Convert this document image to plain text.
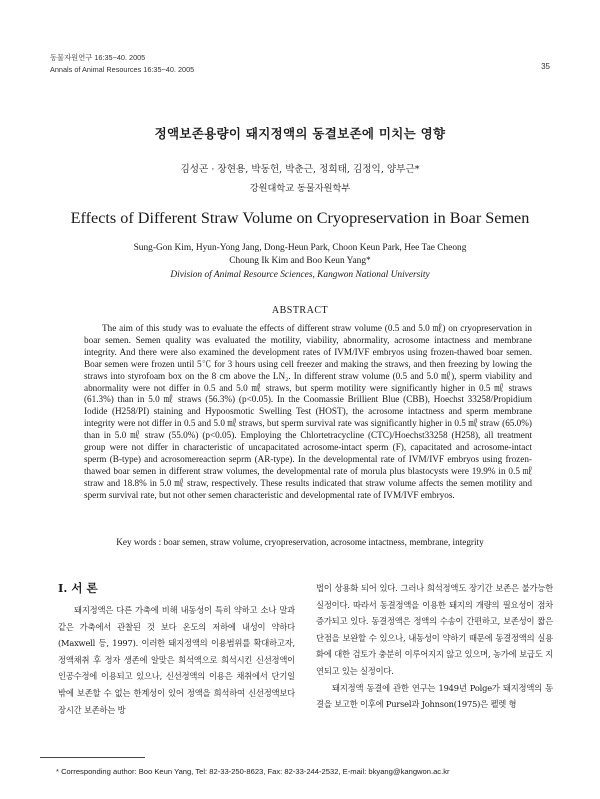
동물자원연구 16:35~40. 2005
Annals of Animal Resources 16:35~40. 2005	35
정액보존용량이 돼지정액의 동결보존에 미치는 영향
김성곤 · 장현용, 박동헌, 박춘근, 정희태, 김정익, 양부근*
강원대학교 동물자원학부
Effects of Different Straw Volume on Cryopreservation in Boar Semen
Sung-Gon Kim, Hyun-Yong Jang, Dong-Heun Park, Choon Keun Park, Hee Tae Cheong
Choung Ik Kim and Boo Keun Yang*
Division of Animal Resource Sciences, Kangwon National University
ABSTRACT

The aim of this study was to evaluate the effects of different straw volume (0.5 and 5.0 ㎖) on cryopreservation in boar semen. Semen quality was evaluated the motility, viability, abnormality, acrosome intactness and membrane integrity. And there were also examined the development rates of IVM/IVF embryos using frozen-thawed boar semen. Boar semen were frozen until 5℃ for 3 hours using cell freezer and making the straws, and then freezing by lowing the straws into styrofoam box on the 8 cm above the LN₂. In different straw volume (0.5 and 5.0 ㎖), sperm viability and abnormality were not differ in 0.5 and 5.0 ㎖ straws, but sperm motility were significantly higher in 0.5 ㎖ straws (61.3%) than in 5.0 ㎖ straws (56.3%) (p<0.05). In the Coomassie Brillient Blue (CBB), Hoechst 33258/Propidium Iodide (H258/PI) staining and Hypoosmotic Swelling Test (HOST), the acrosome intactness and sperm membrane integrity were not differ in 0.5 and 5.0 ㎖ straws, but sperm survival rate was significantly higher in 0.5 ㎖ straw (65.0%) than in 5.0 ㎖ straw (55.0%) (p<0.05). Employing the Chlortetracycline (CTC)/Hoechst33258 (H258), all treatment group were not differ in characteristic of uncapacitated acrosome-intact sperm (F), capacitated and acrosome-intact sperm (B-type) and acrosomereaction seprm (AR-type). In the developmental rate of IVM/IVF embryos using frozen-thawed boar semen in different straw volumes, the developmental rate of morula plus blastocysts were 19.9% in 0.5 ㎖ straw and 18.8% in 5.0 ㎖ straw, respectively. These results indicated that straw volume affects the semen motility and sperm survival rate, but not other semen characteristic and developmental rate of IVM/IVF embryos.

Key words : boar semen, straw volume, cryopreservation, acrosome intactness, membrane, integrity
Ⅰ. 서 론

돼지정액은 다른 가축에 비해 내동성이 특히 약하고 소나 말과 같은 가축에서 관찰된 것 보다 온도의 저하에 내성이 약하다(Maxwell 등, 1997). 이러한 돼지정액의 이용범위를 확대하고자, 정액채취 후 정자 생존에 알맞은 희석액으로 희석시킨 신선정액이 인공수정에 이용되고 있으나, 신선정액의 이용은 채취에서 단기일 밖에 보존할 수 없는 한계성이 있어 정액을 희석하여 신선정액보다 장시간 보존하는 방

법이 상용화 되어 있다. 그러나 희석정액도 장기간 보존은 불가능한 실정이다. 따라서 동결정액을 이용한 돼지의 개량의 필요성이 점차 증가되고 있다. 동결정액은 정액의 수송이 간편하고, 보존성이 짧은 단점을 보완할 수 있으나, 내동성이 약하기 때문에 동결정액의 실용화에 대한 검토가 충분히 이루어지지 않고 있으며, 농가에 보급도 지연되고 있는 실정이다.

돼지정액 동결에 관한 연구는 1949년 Polge가 돼지정액의 동결을 보고한 이후에 Pursel과 Johnson(1975)은 펠렛 형

* Corresponding author: Boo Keun Yang, Tel: 82-33-250-8623, Fax: 82-33-244-2532, E-mail: bkyang@kangwon.ac.kr
